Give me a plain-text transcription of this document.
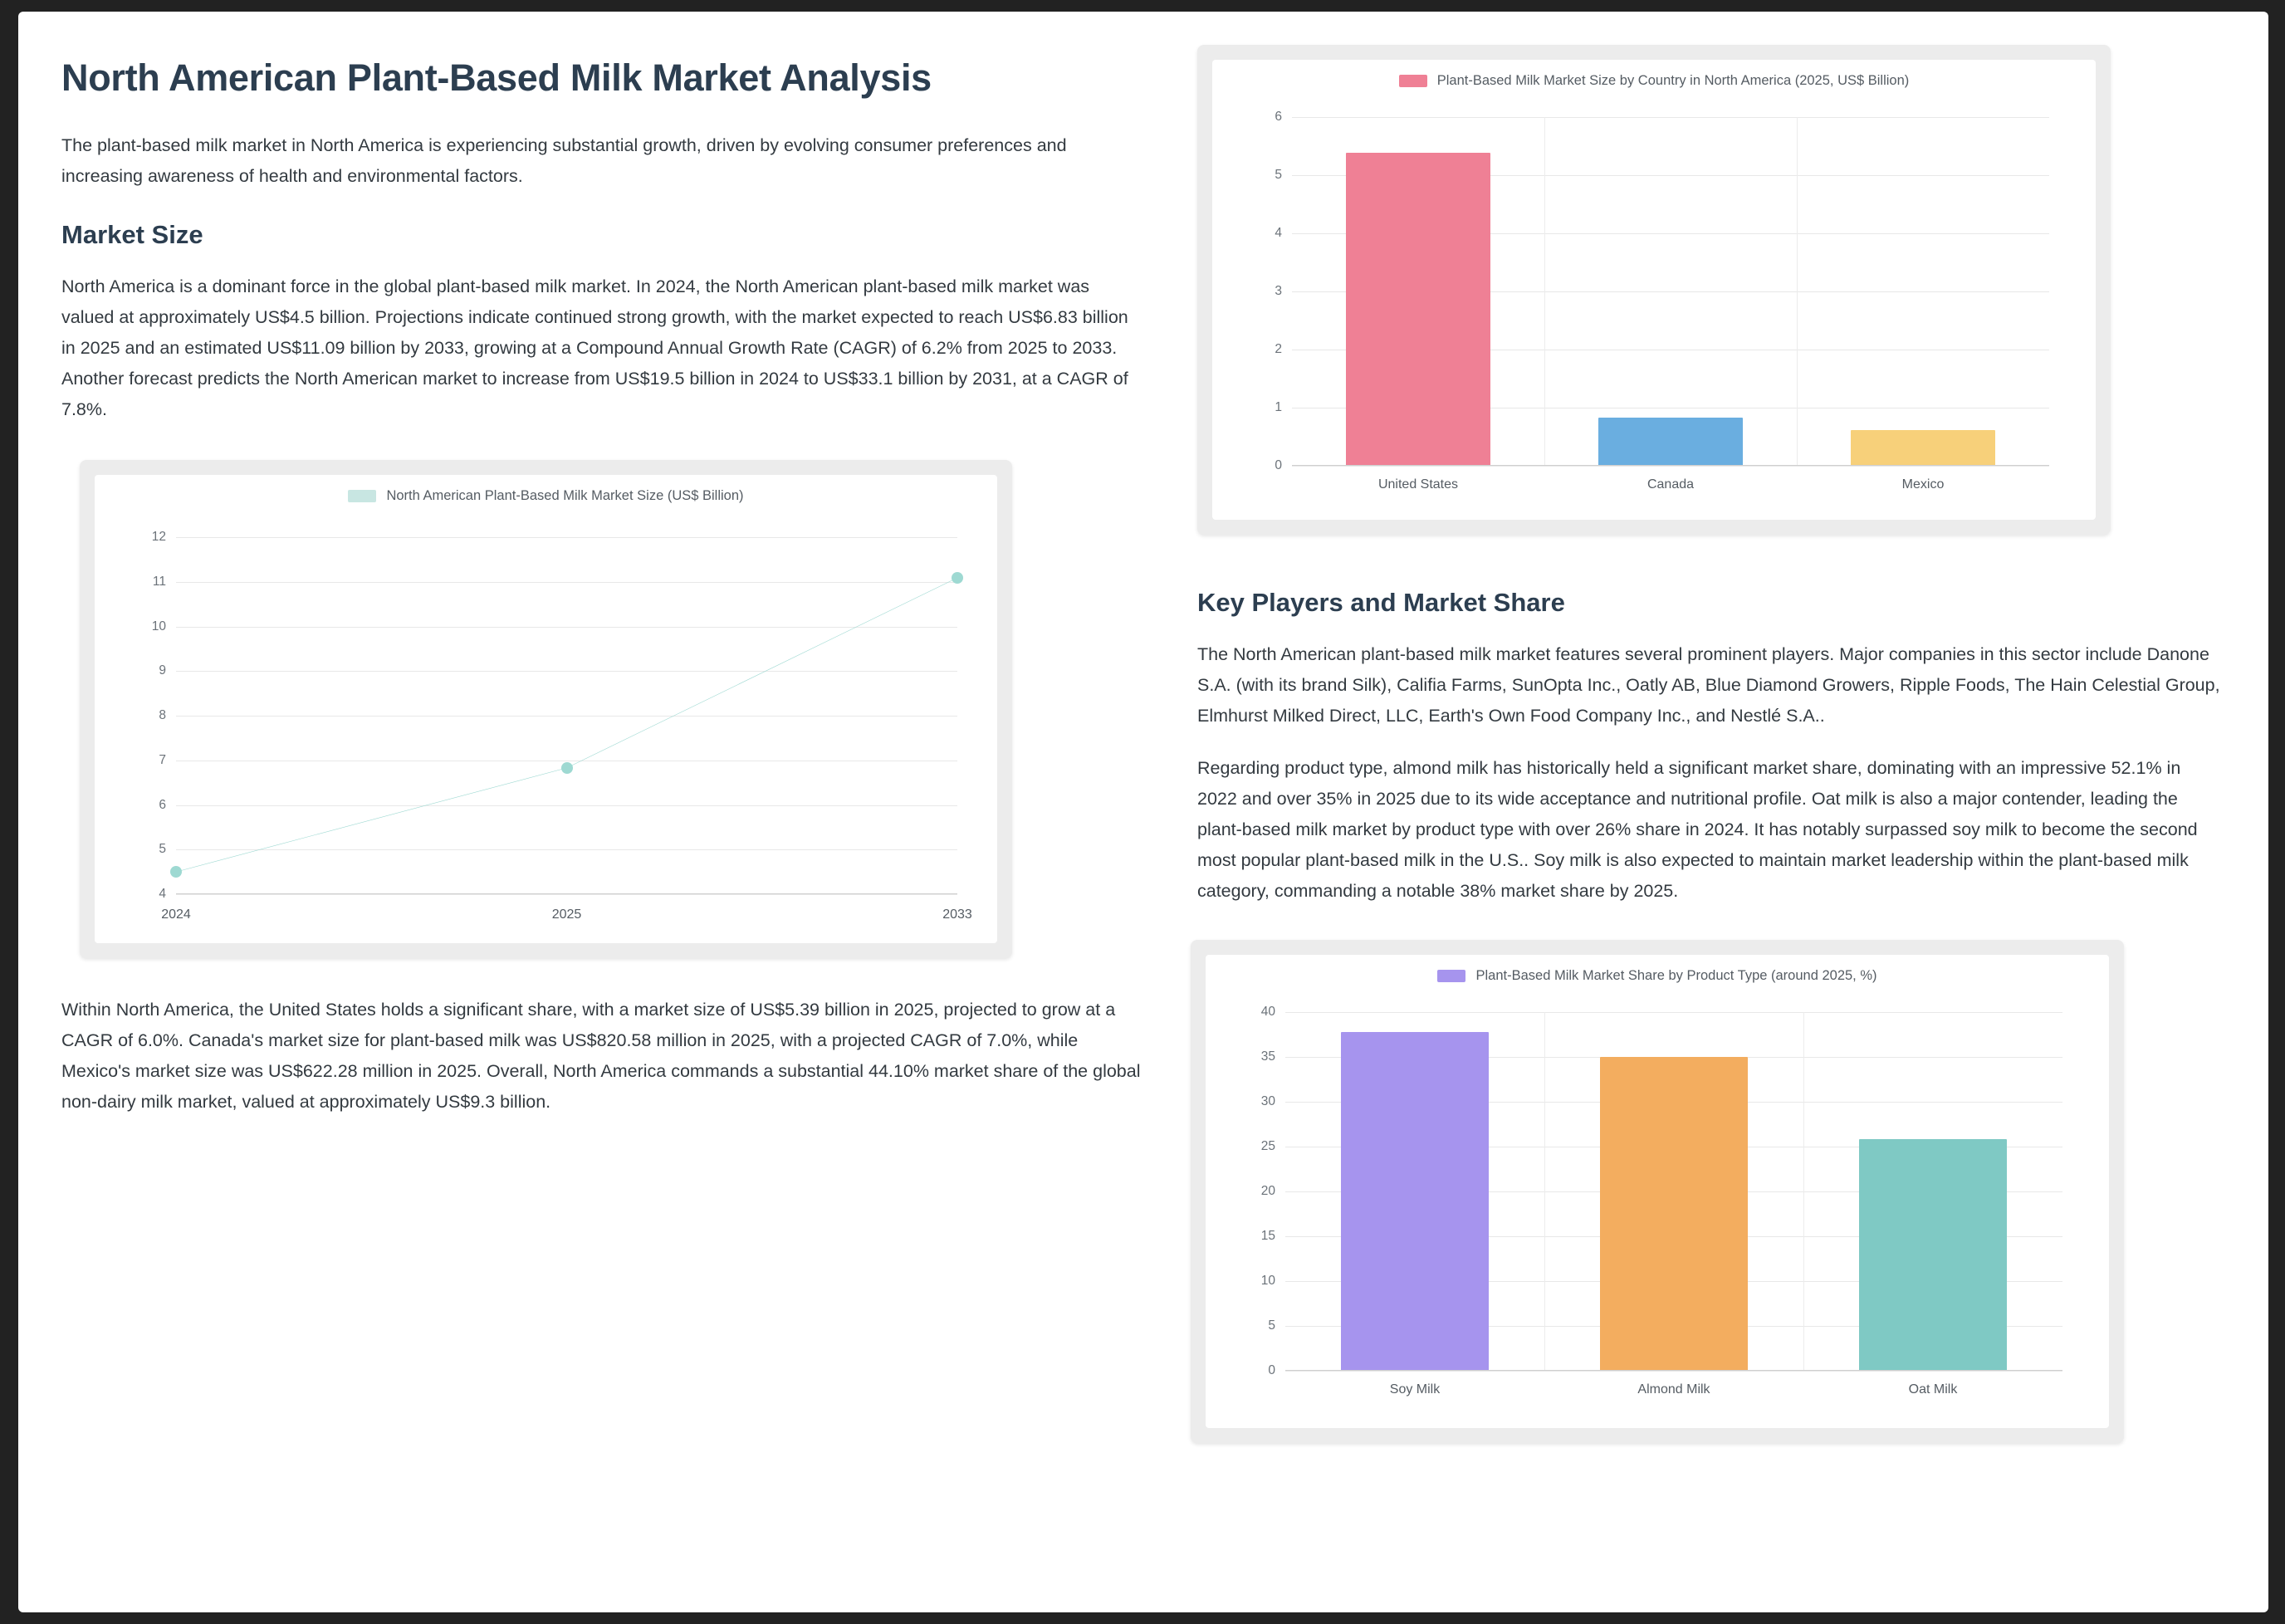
North American Plant-Based Milk Market Analysis

The plant-based milk market in North America is experiencing substantial growth, driven by evolving consumer preferences and increasing awareness of health and environmental factors.

Market Size

North America is a dominant force in the global plant-based milk market. In 2024, the North American plant-based milk market was valued at approximately US$4.5 billion. Projections indicate continued strong growth, with the market expected to reach US$6.83 billion in 2025 and an estimated US$11.09 billion by 2033, growing at a Compound Annual Growth Rate (CAGR) of 6.2% from 2025 to 2033. Another forecast predicts the North American market to increase from US$19.5 billion in 2024 to US$33.1 billion by 2031, at a CAGR of 7.8%.

North American Plant-Based Milk Market Size (US$ Billion)
12
11
10
9
8
7
6
5
4
2024	2025	2033

Within North America, the United States holds a significant share, with a market size of US$5.39 billion in 2025, projected to grow at a CAGR of 6.0%. Canada's market size for plant-based milk was US$820.58 million in 2025, with a projected CAGR of 7.0%, while Mexico's market size was US$622.28 million in 2025. Overall, North America commands a substantial 44.10% market share of the global non-dairy milk market, valued at approximately US$9.3 billion.

Plant-Based Milk Market Size by Country in North America (2025, US$ Billion)
6
5
4
3
2
1
0
United States	Canada	Mexico
Key Players and Market Share

The North American plant-based milk market features several prominent players. Major companies in this sector include Danone S.A. (with its brand Silk), Califia Farms, SunOpta Inc., Oatly AB, Blue Diamond Growers, Ripple Foods, The Hain Celestial Group, Elmhurst Milked Direct, LLC, Earth's Own Food Company Inc., and Nestlé S.A..

Regarding product type, almond milk has historically held a significant market share, dominating with an impressive 52.1% in 2022 and over 35% in 2025 due to its wide acceptance and nutritional profile. Oat milk is also a major contender, leading the plant-based milk market by product type with over 26% share in 2024. It has notably surpassed soy milk to become the second most popular plant-based milk in the U.S.. Soy milk is also expected to maintain market leadership within the plant-based milk category, commanding a notable 38% market share by 2025.

Plant-Based Milk Market Share by Product Type (around 2025, %)
40
35
30
25
20
15
10
5
0
Soy Milk	Almond Milk	Oat Milk
